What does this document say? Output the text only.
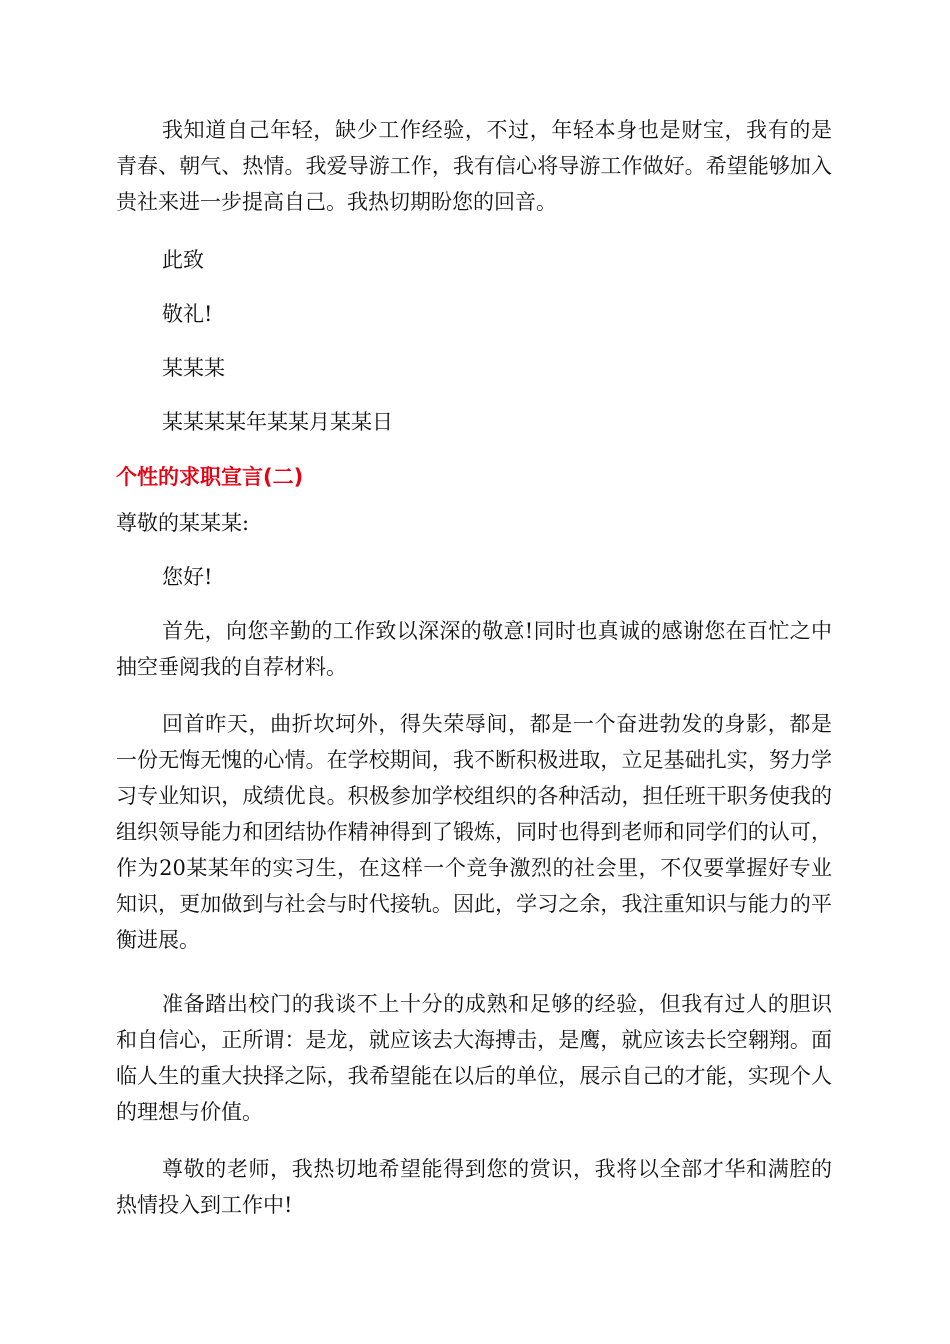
我知道自己年轻，缺少工作经验，不过，年轻本身也是财宝，我有的是青春、朝气、热情。我爱导游工作，我有信心将导游工作做好。希望能够加入贵社来进一步提高自己。我热切期盼您的回音。

此致

敬礼!

某某某

某某某某年某某月某某日

个性的求职宣言(二)

尊敬的某某某:

您好!

首先，向您辛勤的工作致以深深的敬意!同时也真诚的感谢您在百忙之中抽空垂阅我的自荐材料。

回首昨天，曲折坎坷外，得失荣辱间，都是一个奋进勃发的身影，都是一份无悔无愧的心情。在学校期间，我不断积极进取，立足基础扎实，努力学习专业知识，成绩优良。积极参加学校组织的各种活动，担任班干职务使我的组织领导能力和团结协作精神得到了锻炼，同时也得到老师和同学们的认可，作为20某某年的实习生，在这样一个竞争激烈的社会里，不仅要掌握好专业知识，更加做到与社会与时代接轨。因此，学习之余，我注重知识与能力的平衡进展。

准备踏出校门的我谈不上十分的成熟和足够的经验，但我有过人的胆识和自信心，正所谓：是龙，就应该去大海搏击，是鹰，就应该去长空翱翔。面临人生的重大抉择之际，我希望能在以后的单位，展示自己的才能，实现个人的理想与价值。

尊敬的老师，我热切地希望能得到您的赏识，我将以全部才华和满腔的热情投入到工作中!
